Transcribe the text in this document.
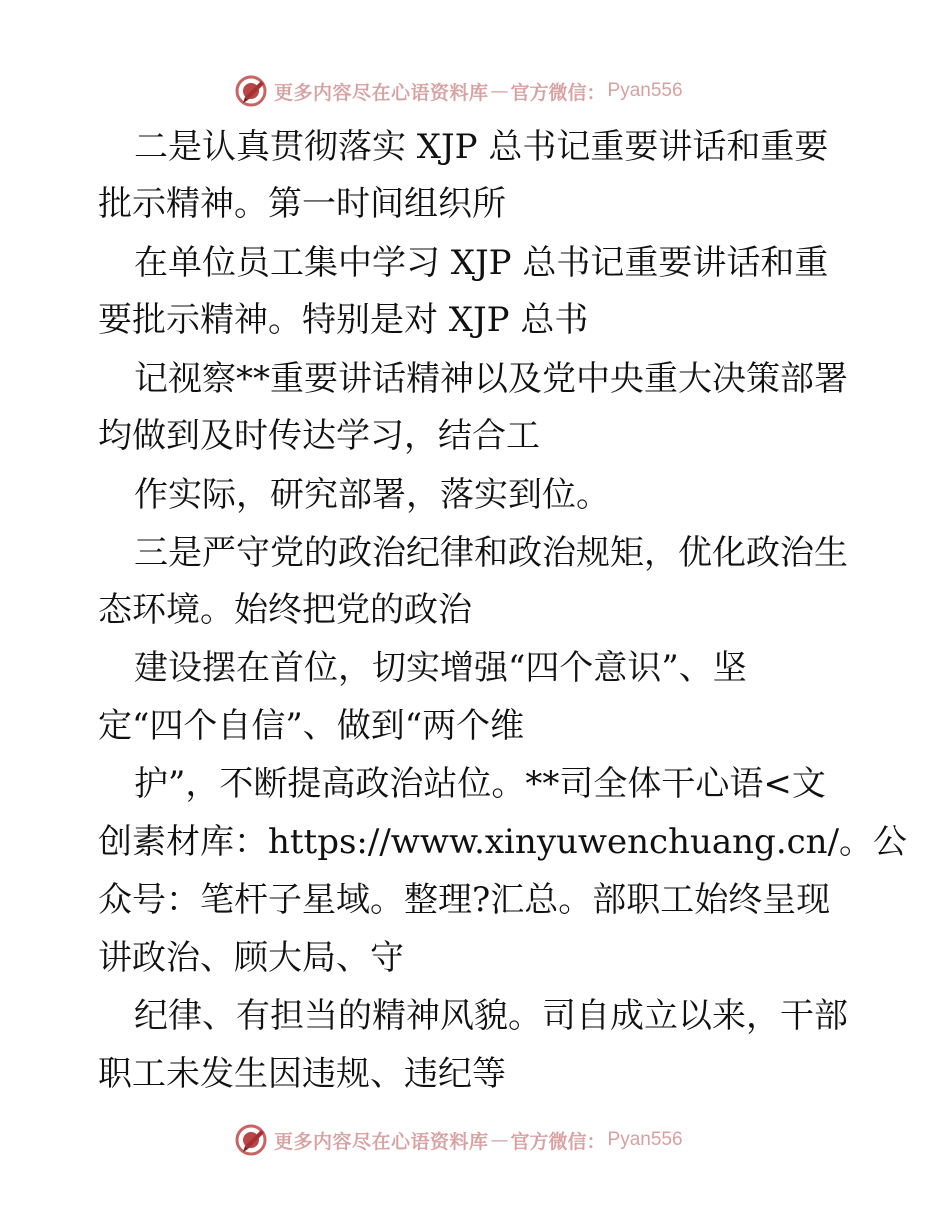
更多内容尽在心语资料库 — 官方微信： Pyan556
二是认真贯彻落实 XJP 总书记重要讲话和重要
批示精神。第一时间组织所
在单位员工集中学习 XJP 总书记重要讲话和重
要批示精神。特别是对 XJP 总书
记视察**重要讲话精神以及党中央重大决策部署
均做到及时传达学习，结合工
作实际，研究部署，落实到位。
三是严守党的政治纪律和政治规矩，优化政治生
态环境。始终把党的政治
建设摆在首位，切实增强“四个意识”、坚
定“四个自信”、做到“两个维
护”，不断提高政治站位。**司全体干心语<文
创素材库：https://www.xinyuwenchuang.cn/。公
众号：笔杆子星域。整理?汇总。部职工始终呈现
讲政治、顾大局、守
纪律、有担当的精神风貌。司自成立以来，干部
职工未发生因违规、违纪等
更多内容尽在心语资料库 — 官方微信： Pyan556
